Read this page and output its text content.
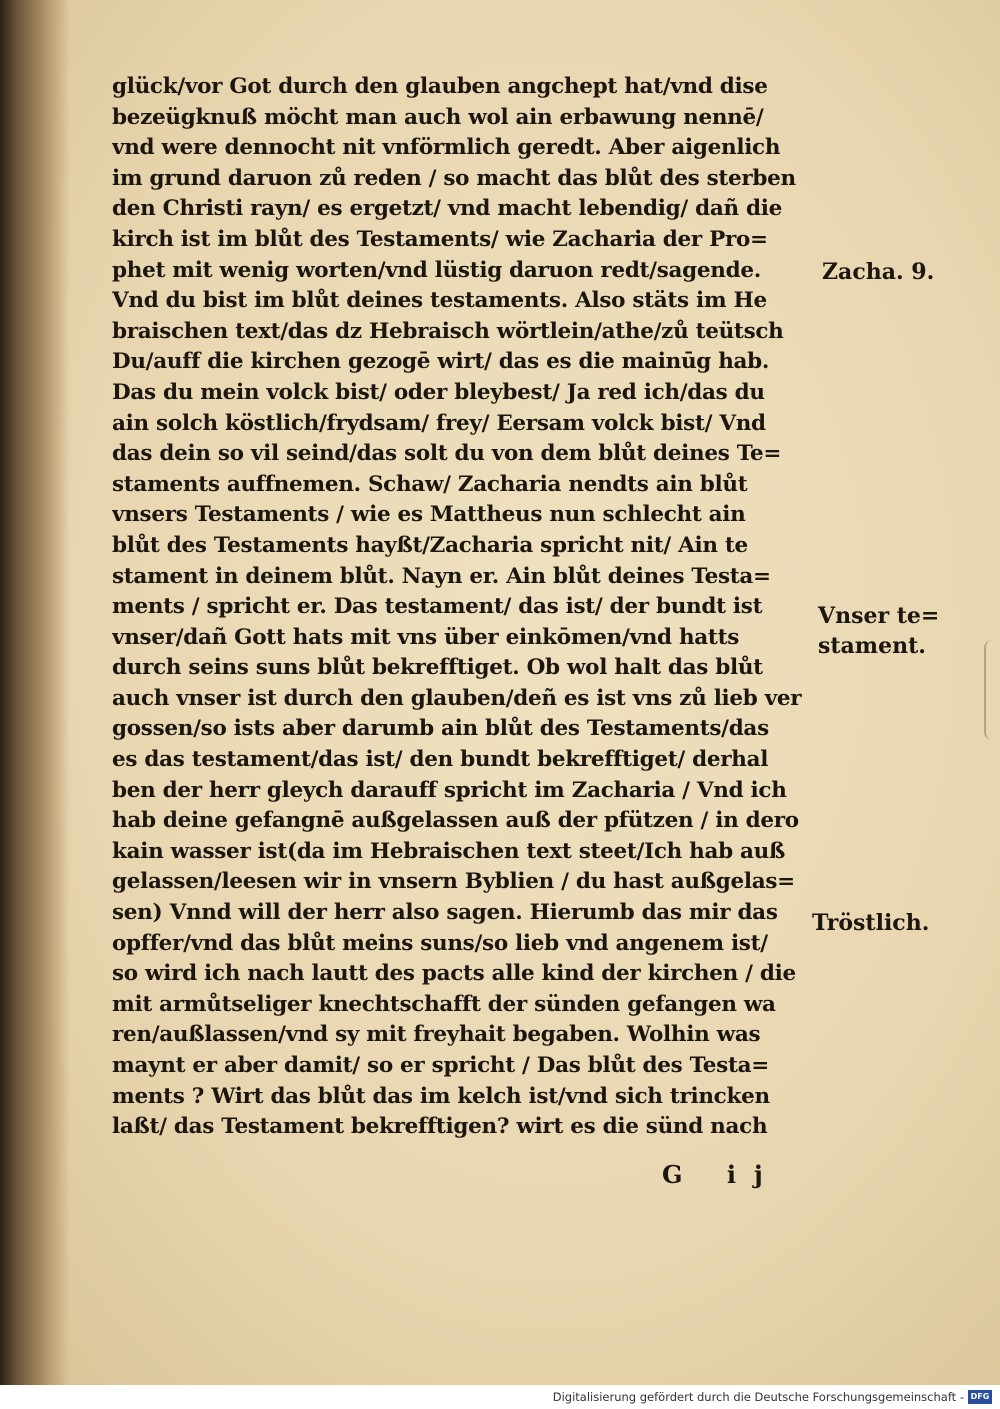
glück/vor Got durch den glauben angchept hat/vnd dise
bezeügknuß möcht man auch wol ain erbawung nennē/
vnd were dennocht nit vnförmlich geredt. Aber aigenlich
im grund daruon zů reden / so macht das blůt des sterben
den Christi rayn/ es ergetzt/ vnd macht lebendig/ dañ die
kirch ist im blůt des Testaments/ wie Zacharia der Pro=
phet mit wenig worten/vnd lüstig daruon redt/sagende.
Vnd du bist im blůt deines testaments. Also stäts im He
braischen text/das dz Hebraisch wörtlein/athe/zů teütsch
Du/auff die kirchen gezogē wirt/ das es die mainūg hab.
Das du mein volck bist/ oder bleybest/ Ja red ich/das du
ain solch köstlich/frydsam/ frey/ Eersam volck bist/ Vnd
das dein so vil seind/das solt du von dem blůt deines Te=
staments auffnemen. Schaw/ Zacharia nendts ain blůt
vnsers Testaments / wie es Mattheus nun schlecht ain
blůt des Testaments hayßt/Zacharia spricht nit/ Ain te
stament in deinem blůt. Nayn er. Ain blůt deines Testa=
ments / spricht er. Das testament/ das ist/ der bundt ist
vnser/dañ Gott hats mit vns über einkōmen/vnd hatts
durch seins suns blůt bekrefftiget. Ob wol halt das blůt
auch vnser ist durch den glauben/deñ es ist vns zů lieb ver
gossen/so ists aber darumb ain blůt des Testaments/das
es das testament/das ist/ den bundt bekrefftiget/ derhal
ben der herr gleych darauff spricht im Zacharia / Vnd ich
hab deine gefangnē außgelassen auß der pfützen / in dero
kain wasser ist(da im Hebraischen text steet/Ich hab auß
gelassen/leesen wir in vnsern Byblien / du hast außgelas=
sen) Vnnd will der herr also sagen. Hierumb das mir das
opffer/vnd das blůt meins suns/so lieb vnd angenem ist/
so wird ich nach lautt des pacts alle kind der kirchen / die
mit armůtseliger knechtschafft der sünden gefangen wa
ren/außlassen/vnd sy mit freyhait begaben. Wolhin was
maynt er aber damit/ so er spricht / Das blůt des Testa=
ments ? Wirt das blůt das im kelch ist/vnd sich trincken
laßt/ das Testament bekrefftigen? wirt es die sünd nach
Zacha. 9.
Vnser te=
stament.
Tröstlich.
G ij
Digitalisierung gefördert durch die Deutsche Forschungsgemeinschaft - DFG
